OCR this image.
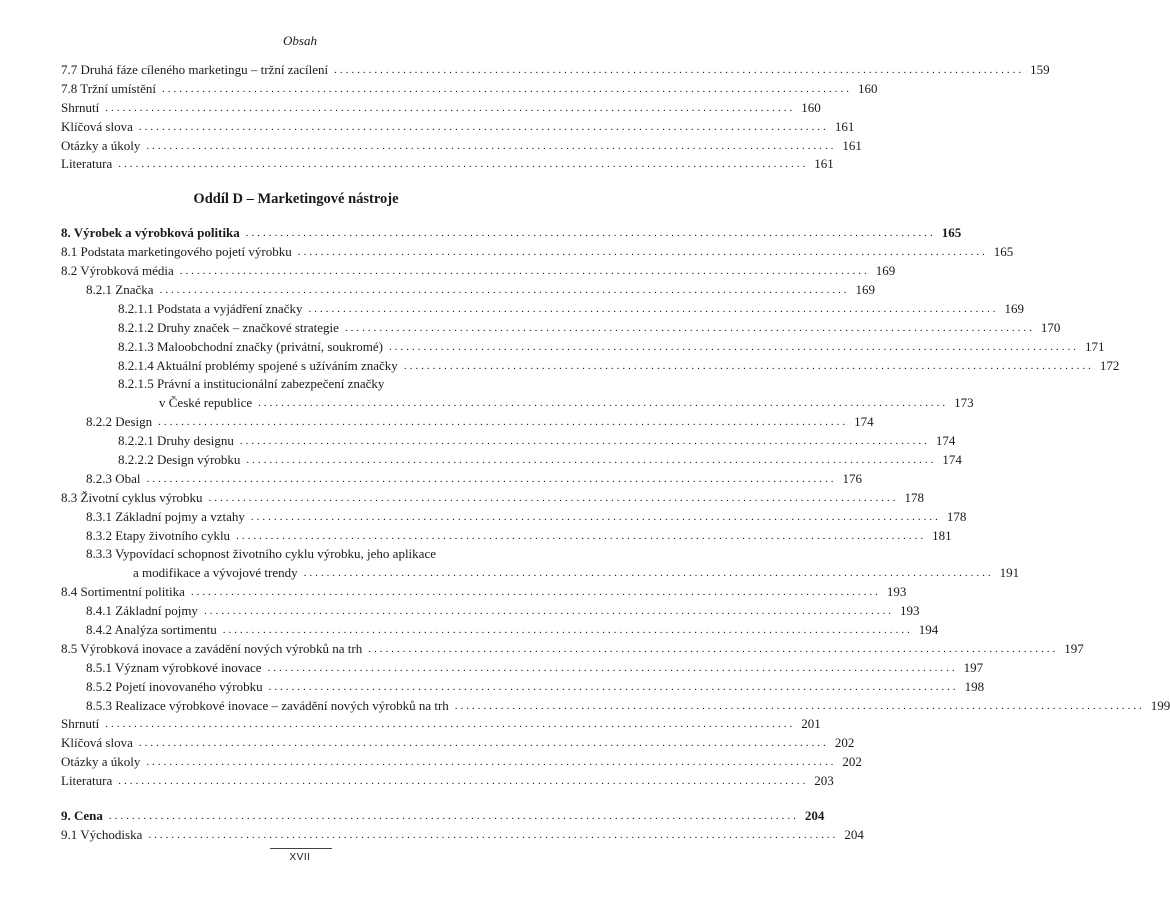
Obsah
7.7 Druhá fáze cíleného marketingu – tržní zacílení ........................................................................................................................ 159
7.8 Tržní umístění ........................................................................................................................ 160
Shrnutí ........................................................................................................................ 160
Klíčová slova ........................................................................................................................ 161
Otázky a úkoly ........................................................................................................................ 161
Literatura ........................................................................................................................ 161
Oddíl D – Marketingové nástroje
8. Výrobek a výrobková politika ........................................................................................................................ 165
8.1 Podstata marketingového pojetí výrobku ........................................................................................................................ 165
8.2 Výrobková média ........................................................................................................................ 169
8.2.1 Značka ........................................................................................................................ 169
8.2.1.1 Podstata a vyjádření značky ........................................................................................................................ 169
8.2.1.2 Druhy značek – značkové strategie ........................................................................................................................ 170
8.2.1.3 Maloobchodní značky (privátní, soukromé) ........................................................................................................................ 171
8.2.1.4 Aktuální problémy spojené s užíváním značky ........................................................................................................................ 172
8.2.1.5 Právní a institucionální zabezpečení značky
v České republice ........................................................................................................................ 173
8.2.2 Design ........................................................................................................................ 174
8.2.2.1 Druhy designu ........................................................................................................................ 174
8.2.2.2 Design výrobku ........................................................................................................................ 174
8.2.3 Obal ........................................................................................................................ 176
8.3 Životní cyklus výrobku ........................................................................................................................ 178
8.3.1 Základní pojmy a vztahy ........................................................................................................................ 178
8.3.2 Etapy životního cyklu ........................................................................................................................ 181
8.3.3 Vypovídací schopnost životního cyklu výrobku, jeho aplikace
a modifikace a vývojové trendy ........................................................................................................................ 191
8.4 Sortimentní politika ........................................................................................................................ 193
8.4.1 Základní pojmy ........................................................................................................................ 193
8.4.2 Analýza sortimentu ........................................................................................................................ 194
8.5 Výrobková inovace a zavádění nových výrobků na trh ........................................................................................................................ 197
8.5.1 Význam výrobkové inovace ........................................................................................................................ 197
8.5.2 Pojetí inovovaného výrobku ........................................................................................................................ 198
8.5.3 Realizace výrobkové inovace – zavádění nových výrobků na trh ........................................................................................................................ 199
Shrnutí ........................................................................................................................ 201
Klíčová slova ........................................................................................................................ 202
Otázky a úkoly ........................................................................................................................ 202
Literatura ........................................................................................................................ 203
9. Cena ........................................................................................................................ 204
9.1 Východiska ........................................................................................................................ 204
XVII
